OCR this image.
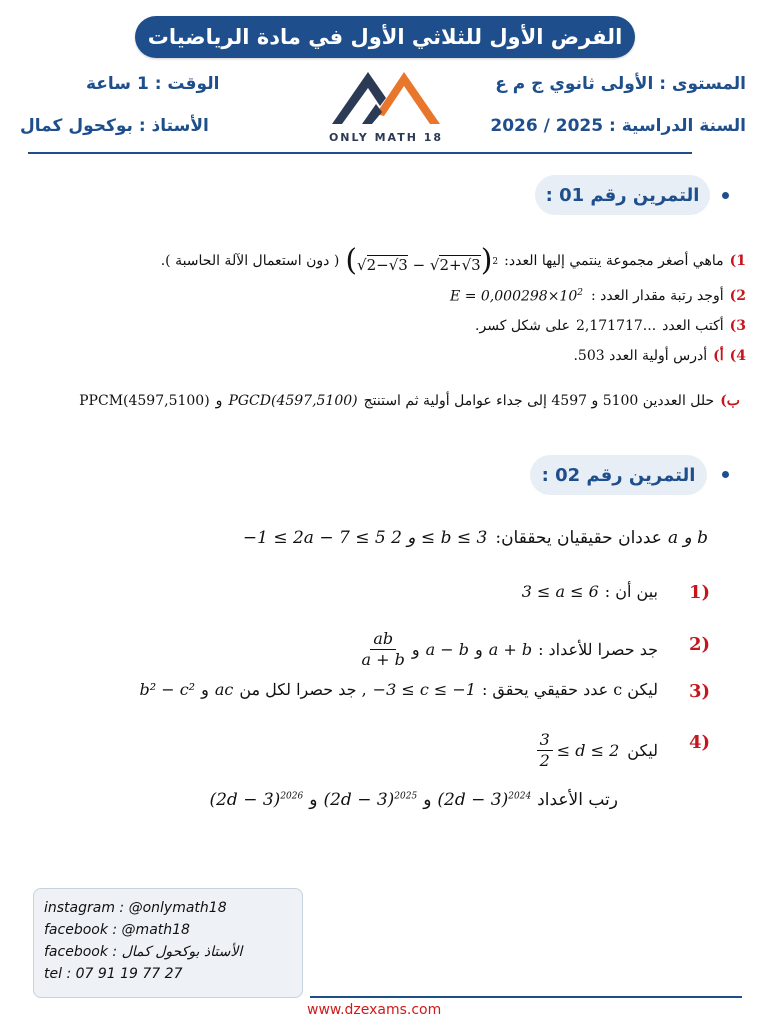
الفرض الأول للثلاثي الأول في مادة الرياضيات
المستوى : الأولى ثانوي ج م ع
السنة الدراسية : 2025 / 2026
الوقت : 1 ساعة
الأستاذ : بوكحول كمال
ONLY MATH 18
التمرين رقم 01 :
1)
ماهي أصغر مجموعة ينتمي إليها العدد:
$(√2-√3 - √2+√3)^2$
( دون استعمال الآلة الحاسبة ).
2)
أوجد رتبة مقدار العدد :
$E = 0,000298\times 10^2$
3)
أكتب العدد
2,171717...
على شكل كسر.
4)
أ)
أدرس أولية العدد 503.
ب)
حلل العددين 5100 و 4597 إلى جداء عوامل أولية ثم استنتج
PGCD(4597,5100)
و
PPCM(4597,5100)
التمرين رقم 02 :
a و b
عددان حقيقيان يحققان:
−1 ≤ 2a − 7 ≤ 5 و 2 ≤ b ≤ 3
1)
بين أن :
3 ≤ a ≤ 6
2)
جد حصرا للأعداد :
a + b
و
a − b
و
$\frac{ab}{a + b}$
3)
ليكن c عدد حقيقي يحقق :
−3 ≤ c ≤ −1
, جد حصرا لكل من
ac
و
b² − c²
4)
ليكن
$\frac{3}{2} \le d \le 2$
رتب الأعداد
$(2d - 3)^{2024}$
و
$(2d - 3)^{2025}$
و
$(2d - 3)^{2026}$
instagram : @onlymath18
facebook : @math18
facebook : الأستاذ بوكحول كمال
tel : 07 91 19 77 27
www.dzexams.com
